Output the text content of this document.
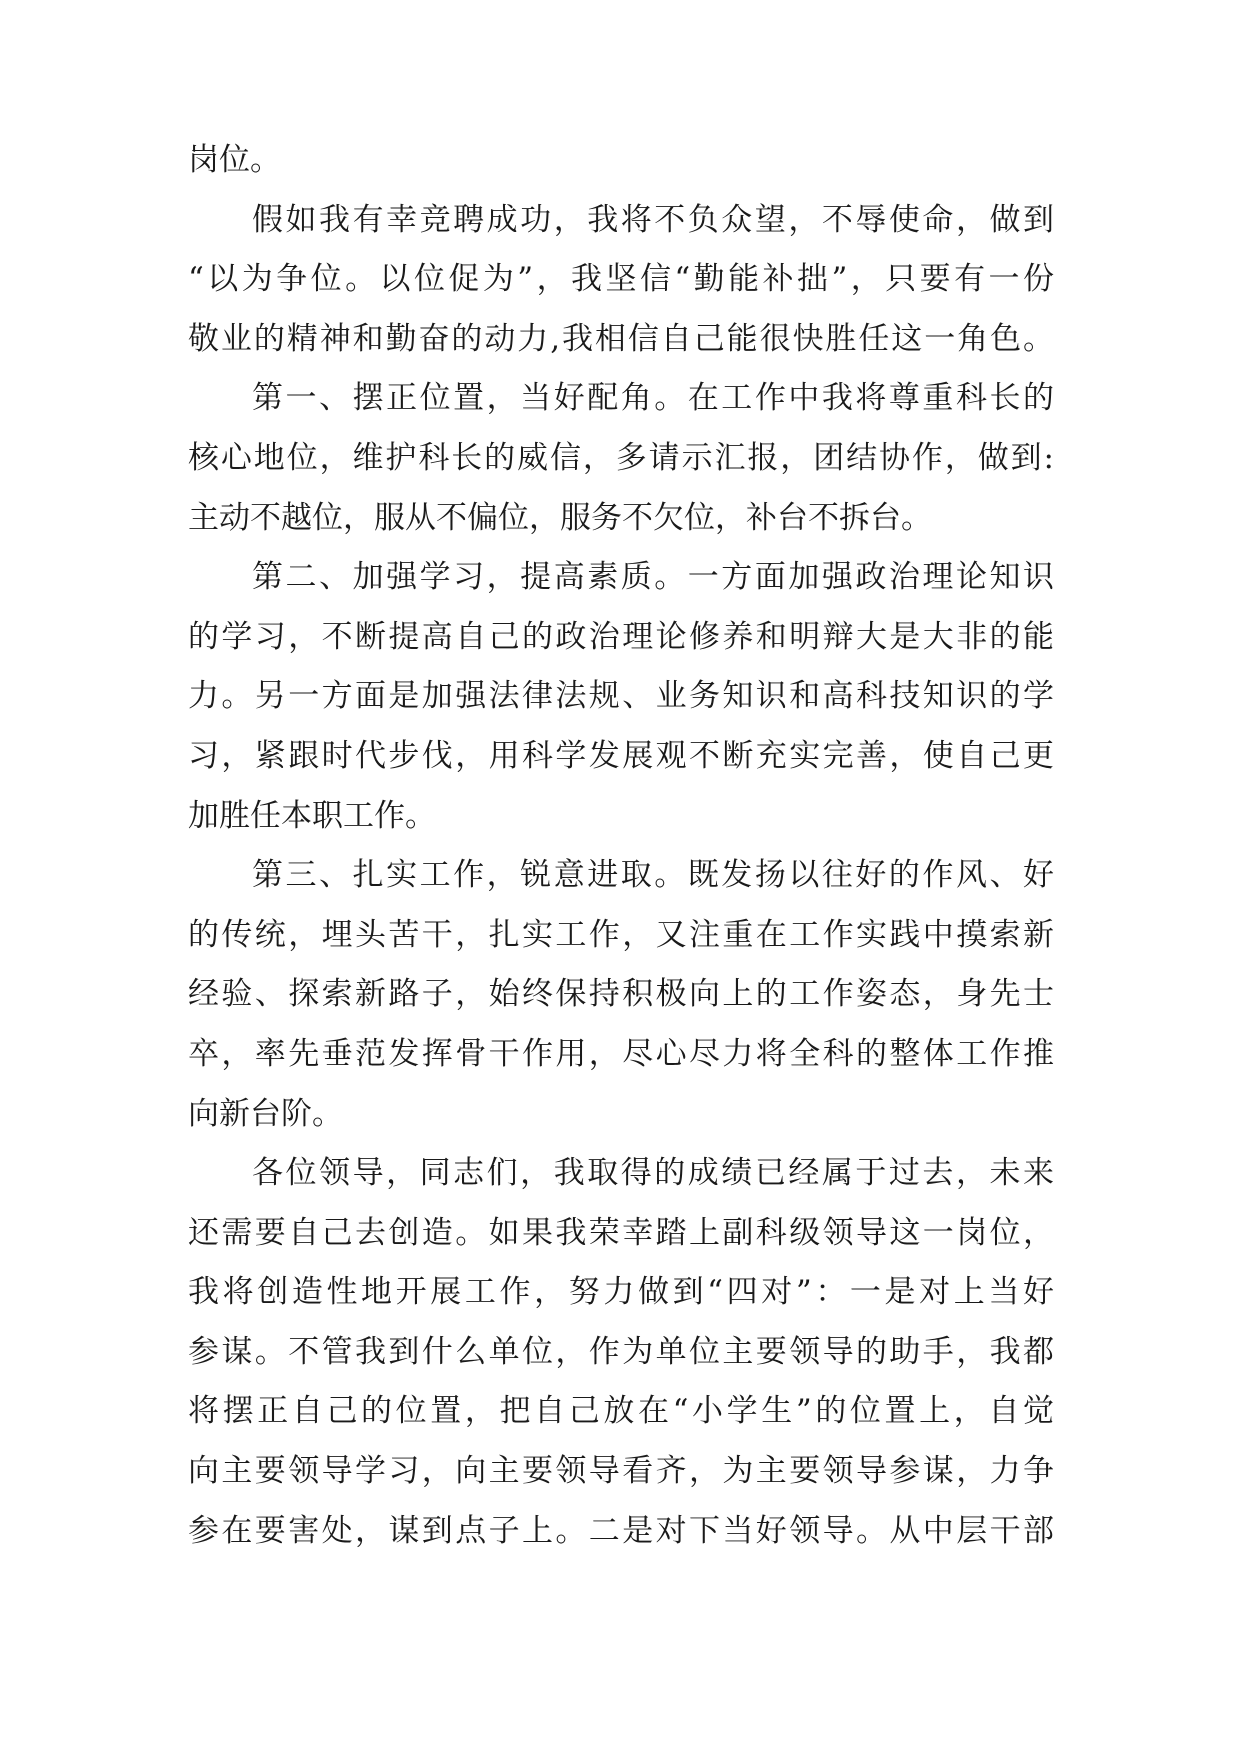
岗位。
假如我有幸竞聘成功，我将不负众望，不辱使命，做到
“以为争位。以位促为”，我坚信“勤能补拙”，只要有一份
敬业的精神和勤奋的动力,我相信自己能很快胜任这一角色。
第一、摆正位置，当好配角。在工作中我将尊重科长的
核心地位，维护科长的威信，多请示汇报，团结协作，做到:
主动不越位，服从不偏位，服务不欠位，补台不拆台。
第二、加强学习，提高素质。一方面加强政治理论知识
的学习，不断提高自己的政治理论修养和明辩大是大非的能
力。另一方面是加强法律法规、业务知识和高科技知识的学
习，紧跟时代步伐，用科学发展观不断充实完善，使自己更
加胜任本职工作。
第三、扎实工作，锐意进取。既发扬以往好的作风、好
的传统，埋头苦干，扎实工作，又注重在工作实践中摸索新
经验、探索新路子，始终保持积极向上的工作姿态，身先士
卒，率先垂范发挥骨干作用，尽心尽力将全科的整体工作推
向新台阶。
各位领导，同志们，我取得的成绩已经属于过去，未来
还需要自己去创造。如果我荣幸踏上副科级领导这一岗位，
我将创造性地开展工作，努力做到“四对”：一是对上当好
参谋。不管我到什么单位，作为单位主要领导的助手，我都
将摆正自己的位置，把自己放在“小学生”的位置上，自觉
向主要领导学习，向主要领导看齐，为主要领导参谋，力争
参在要害处，谋到点子上。二是对下当好领导。从中层干部
